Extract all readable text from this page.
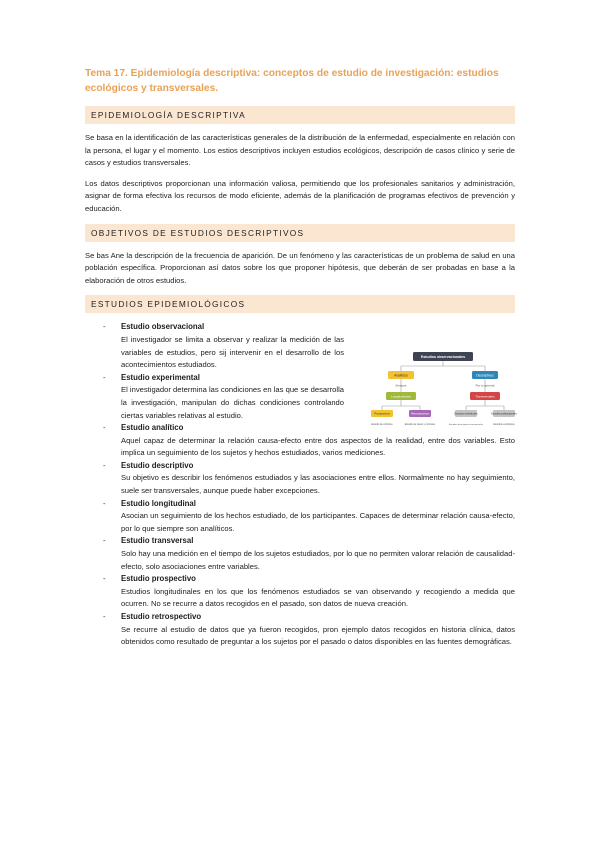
Tema 17. Epidemiología descriptiva: conceptos de estudio de investigación: estudios ecológicos y transversales.
EPIDEMIOLOGÍA DESCRIPTIVA

Se basa en la identificación de las características generales de la distribución de la enfermedad, especialmente en relación con la persona, el lugar y el momento. Los estios descriptivos incluyen estudios ecológicos, descripción de casos clínico y serie de casos y estudios transversales.

Los datos descriptivos proporcionan una información valiosa, permitiendo que los profesionales sanitarios y administración, asignar de forma efectiva los recursos de modo eficiente, además de la planificación de programas efectivos de prevención y educación.

OBJETIVOS DE ESTUDIOS DESCRIPTIVOS

Se bas Ane la descripción de la frecuencia de aparición. De un fenómeno y las características de un problema de salud en una población específica. Proporcionan así datos sobre los que proponer hipótesis, que deberán de ser probadas en base a la elaboración de otros estudios.

ESTUDIOS EPIDEMIOLÓGICOS
- Estudio observacional
El investigador se limita a observar y realizar la medición de las variables de estudios, pero sij intervenir en el desarrollo de los acontecimientos estudiados.
- Estudio experimental
El investigador determina las condiciones en las que se desarrolla la investigación, manipulan do dichas condiciones controlando ciertas variables relativas al estudio.
- Estudio analítico
Aquel capaz de determinar la relación causa-efecto entre dos aspectos de la realidad, entre dos variables. Esto implica un seguimiento de los sujetos y hechos estudiados, varios mediciones.
- Estudio descriptivo
Su objetivo es describir los fenómenos estudiados y las asociaciones entre ellos. Normalmente no hay seguimiento, suele ser transversales, aunque puede haber excepciones.
- Estudio longitudinal
Asocian un seguimiento de los hechos estudiado, de los participantes. Capaces de determinar relación causa-efecto, por lo que siempre son analíticos.
- Estudio transversal
Solo hay una medición en el tiempo de los sujetos estudiados, por lo que no permiten valorar relación de causalidad-efecto, solo asociaciones entre variables.
- Estudio prospectivo
Estudios longitudinales en los que los fenómenos estudiados se van observando y recogiendo a medida que ocurren. No se recurre a datos recogidos en el pasado, son datos de nueva creación.
- Estudio retrospectivo
Se recurre al estudio de datos que ya fueron recogidos, pron ejemplo datos recogidos en historia clínica, datos obtenidos como resultado de preguntar a los sujetos por el pasado o datos disponibles en las fuentes demográficas.
Estudios observacionales
Analíticos
Siempre
Descriptivos
Por lo general
Longitudinales	Transversales
Prospectivos	Retrospectivos	Estudios individuales	Estudios poblacionales
Estudio de cohortes	Estudio de casos y controles	Estudios descriptivos transversales	Estudios ecológicos
